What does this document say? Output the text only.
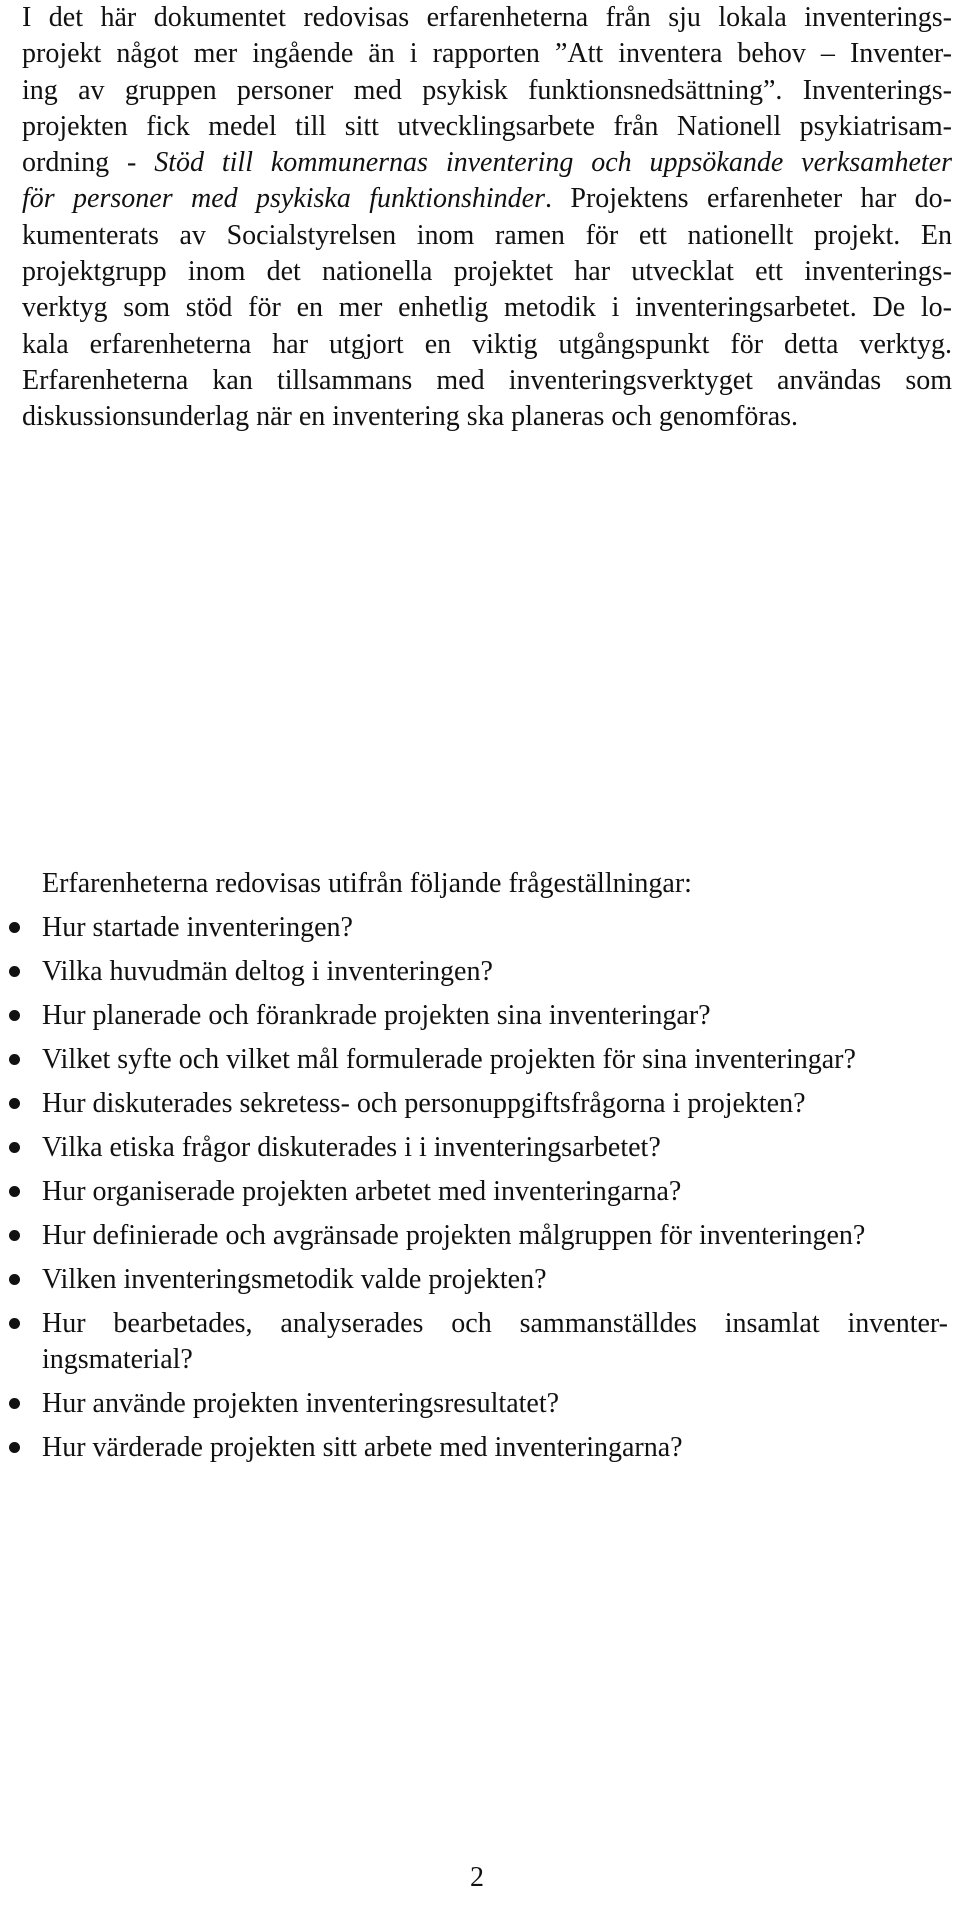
I det här dokumentet redovisas erfarenheterna från sju lokala inventerings-
projekt något mer ingående än i rapporten ”Att inventera behov – Inventer-
ing av gruppen personer med psykisk funktionsnedsättning”. Inventerings-
projekten fick medel till sitt utvecklingsarbete från Nationell psykiatrisam-
ordning - Stöd till kommunernas inventering och uppsökande verksamheter
för personer med psykiska funktionshinder. Projektens erfarenheter har do-
kumenterats av Socialstyrelsen inom ramen för ett nationellt projekt. En
projektgrupp inom det nationella projektet har utvecklat ett inventerings-
verktyg som stöd för en mer enhetlig metodik i inventeringsarbetet. De lo-
kala erfarenheterna har utgjort en viktig utgångspunkt för detta verktyg.
Erfarenheterna kan tillsammans med inventeringsverktyget användas som
diskussionsunderlag när en inventering ska planeras och genomföras.

Erfarenheterna redovisas utifrån följande frågeställningar:

Hur startade inventeringen?
Vilka huvudmän deltog i inventeringen?
Hur planerade och förankrade projekten sina inventeringar?
Vilket syfte och vilket mål formulerade projekten för sina inventeringar?
Hur diskuterades sekretess- och personuppgiftsfrågorna i projekten?
Vilka etiska frågor diskuterades i i inventeringsarbetet?
Hur organiserade projekten arbetet med inventeringarna?
Hur definierade och avgränsade projekten målgruppen för inventeringen?
Vilken inventeringsmetodik valde projekten?
Hur bearbetades, analyserades och sammanställdes insamlat inventer-
ingsmaterial?
Hur använde projekten inventeringsresultatet?
Hur värderade projekten sitt arbete med inventeringarna?

2
